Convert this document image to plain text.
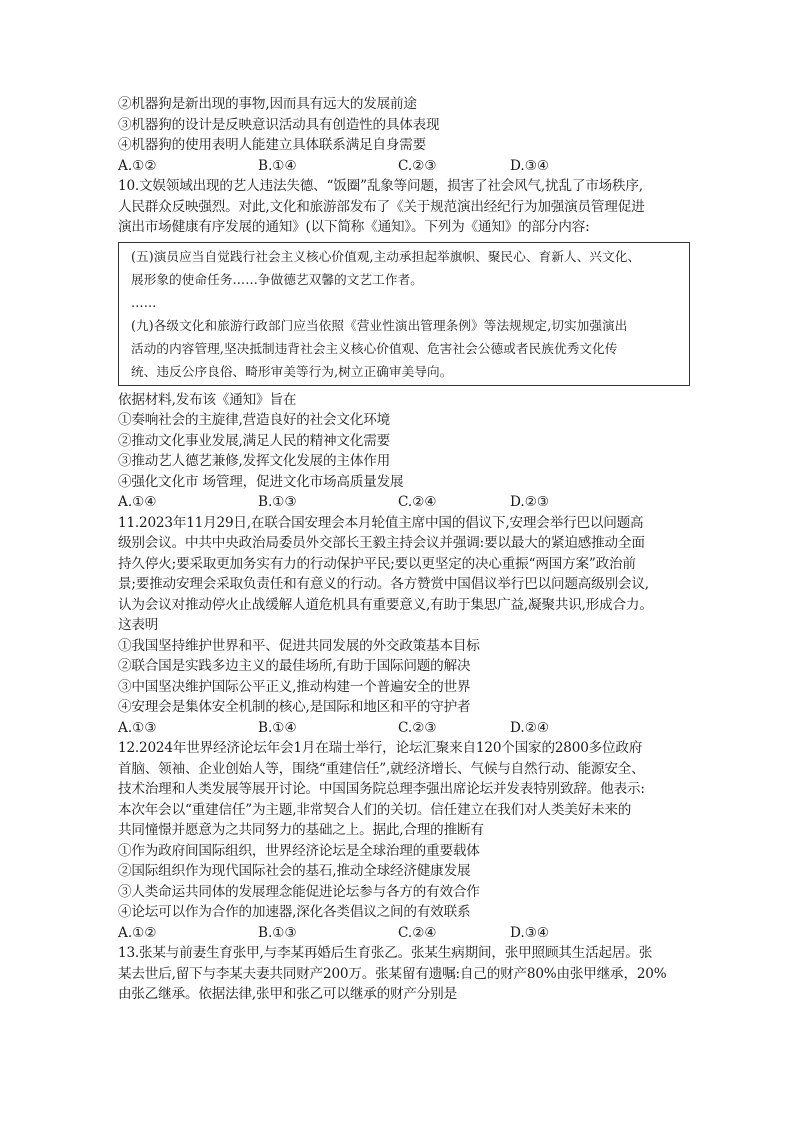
②机器狗是新出现的事物,因而具有远大的发展前途
③机器狗的设计是反映意识活动具有创造性的具体表现
④机器狗的使用表明人能建立具体联系满足自身需要
A.①②	B.①④	C.②③	D.③④
10.文娱领域出现的艺人违法失德、“饭圈”乱象等问题，损害了社会风气,扰乱了市场秩序,
人民群众反映强烈。对此,文化和旅游部发布了《关于规范演出经纪行为加强演员管理促进
演出市场健康有序发展的通知》(以下简称《通知》。下列为《通知》的部分内容:
(五)演员应当自觉践行社会主义核心价值观,主动承担起举旗帜、聚民心、育新人、兴文化、
展形象的使命任务……争做德艺双馨的文艺工作者。
……
(九)各级文化和旅游行政部门应当依照《营业性演出管理条例》等法规规定,切实加强演出
活动的内容管理,坚决抵制违背社会主义核心价值观、危害社会公德或者民族优秀文化传
统、违反公序良俗、畸形审美等行为,树立正确审美导向。
依据材料,发布该《通知》旨在
①奏响社会的主旋律,营造良好的社会文化环境
②推动文化事业发展,满足人民的精神文化需要
③推动艺人德艺兼修,发挥文化发展的主体作用
④强化文化市 场管理，促进文化市场高质量发展
A.①④	B.①③	C.②④	D.②③
11.2023年11月29日,在联合国安理会本月轮值主席中国的倡议下,安理会举行巴以问题高
级别会议。中共中央政治局委员外交部长王毅主持会议并强调:要以最大的紧迫感推动全面
持久停火;要采取更加务实有力的行动保护平民;要以更坚定的决心重振“两国方案”政治前
景;要推动安理会采取负责任和有意义的行动。各方赞赏中国倡议举行巴以问题高级别会议,
认为会议对推动停火止战缓解人道危机具有重要意义,有助于集思广益,凝聚共识,形成合力。
这表明
①我国坚持维护世界和平、促进共同发展的外交政策基本目标
②联合国是实践多边主义的最佳场所,有助于国际问题的解决
③中国坚决维护国际公平正义,推动构建一个普遍安全的世界
④安理会是集体安全机制的核心,是国际和地区和平的守护者
A.①③	B.①④	C.②③	D.②④
12.2024年世界经济论坛年会1月在瑞士举行，论坛汇聚来自120个国家的2800多位政府
首脑、领袖、企业创始人等，围绕“重建信任”,就经济增长、气候与自然行动、能源安全、
技术治理和人类发展等展开讨论。中国国务院总理李强出席论坛并发表特别致辞。他表示:
本次年会以“重建信任”为主题,非常契合人们的关切。信任建立在我们对人类美好未来的
共同憧憬并愿意为之共同努力的基础之上。据此,合理的推断有
①作为政府间国际组织，世界经济论坛是全球治理的重要载体
②国际组织作为现代国际社会的基石,推动全球经济健康发展
③人类命运共同体的发展理念能促进论坛参与各方的有效合作
④论坛可以作为合作的加速器,深化各类倡议之间的有效联系
A.①②	B.①③	C.②④	D.③④
13.张某与前妻生育张甲,与李某再婚后生育张乙。张某生病期间，张甲照顾其生活起居。张
某去世后,留下与李某夫妻共同财产200万。张某留有遗嘱:自己的财产80%由张甲继承，20%
由张乙继承。依据法律,张甲和张乙可以继承的财产分别是
